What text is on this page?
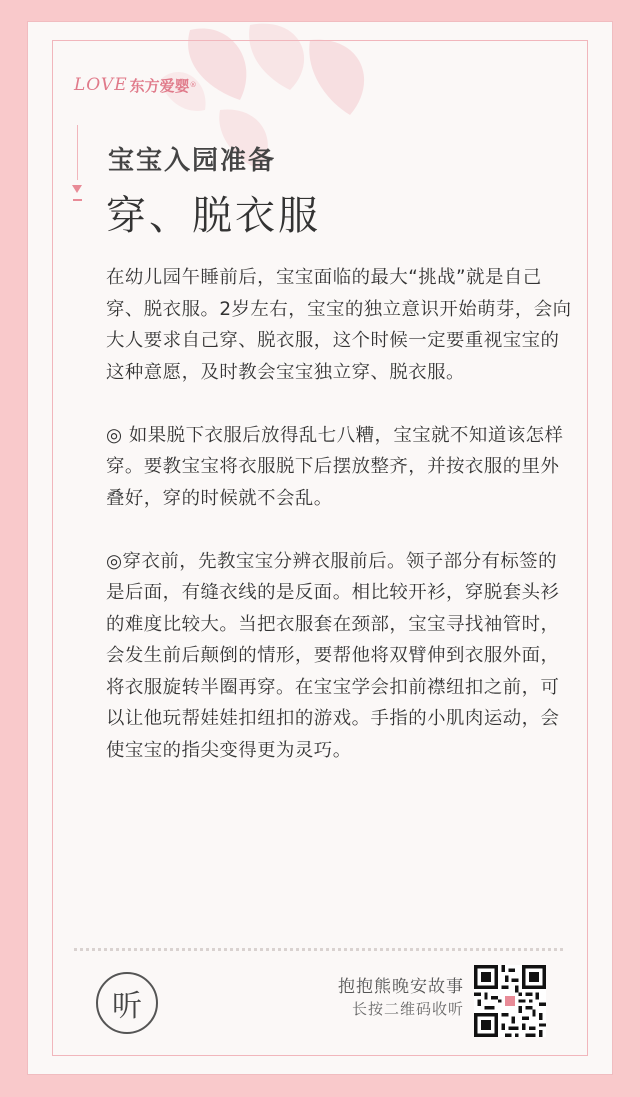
LOVE 东方爱婴 ®
宝宝入园准备
穿、脱衣服

在幼儿园午睡前后，宝宝面临的最大“挑战”就是自己穿、脱衣服。2岁左右，宝宝的独立意识开始萌芽，会向大人要求自己穿、脱衣服，这个时候一定要重视宝宝的这种意愿，及时教会宝宝独立穿、脱衣服。

◎ 如果脱下衣服后放得乱七八糟，宝宝就不知道该怎样穿。要教宝宝将衣服脱下后摆放整齐，并按衣服的里外叠好，穿的时候就不会乱。

◎穿衣前，先教宝宝分辨衣服前后。领子部分有标签的是后面，有缝衣线的是反面。相比较开衫，穿脱套头衫的难度比较大。当把衣服套在颈部，宝宝寻找袖管时，会发生前后颠倒的情形，要帮他将双臂伸到衣服外面，将衣服旋转半圈再穿。在宝宝学会扣前襟纽扣之前，可以让他玩帮娃娃扣纽扣的游戏。手指的小肌肉运动，会使宝宝的指尖变得更为灵巧。

听
抱抱熊晚安故事
长按二维码收听
